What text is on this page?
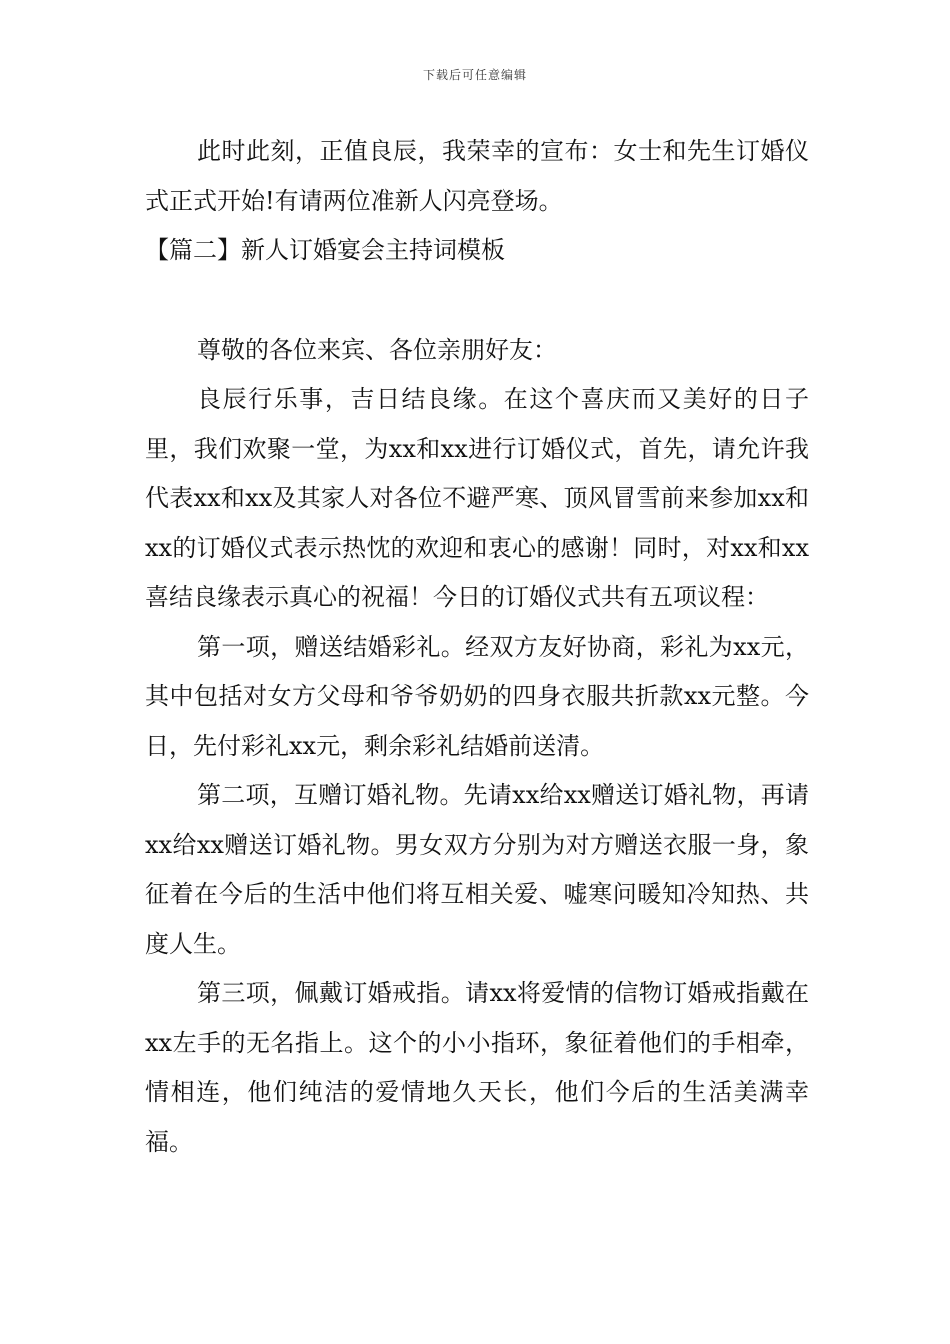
下载后可任意编辑

此时此刻，正值良辰，我荣幸的宣布：女士和先生订婚仪式正式开始!有请两位准新人闪亮登场。

【篇二】新人订婚宴会主持词模板

尊敬的各位来宾、各位亲朋好友：

良辰行乐事，吉日结良缘。在这个喜庆而又美好的日子里，我们欢聚一堂，为xx和xx进行订婚仪式，首先，请允许我代表xx和xx及其家人对各位不避严寒、顶风冒雪前来参加xx和xx的订婚仪式表示热忱的欢迎和衷心的感谢！同时，对xx和xx喜结良缘表示真心的祝福！今日的订婚仪式共有五项议程：

第一项，赠送结婚彩礼。经双方友好协商，彩礼为xx元，其中包括对女方父母和爷爷奶奶的四身衣服共折款xx元整。今日，先付彩礼xx元，剩余彩礼结婚前送清。

第二项，互赠订婚礼物。先请xx给xx赠送订婚礼物，再请xx给xx赠送订婚礼物。男女双方分别为对方赠送衣服一身，象征着在今后的生活中他们将互相关爱、嘘寒问暖知冷知热、共度人生。

第三项，佩戴订婚戒指。请xx将爱情的信物订婚戒指戴在xx左手的无名指上。这个的小小指环，象征着他们的手相牵，情相连，他们纯洁的爱情地久天长，他们今后的生活美满幸福。
